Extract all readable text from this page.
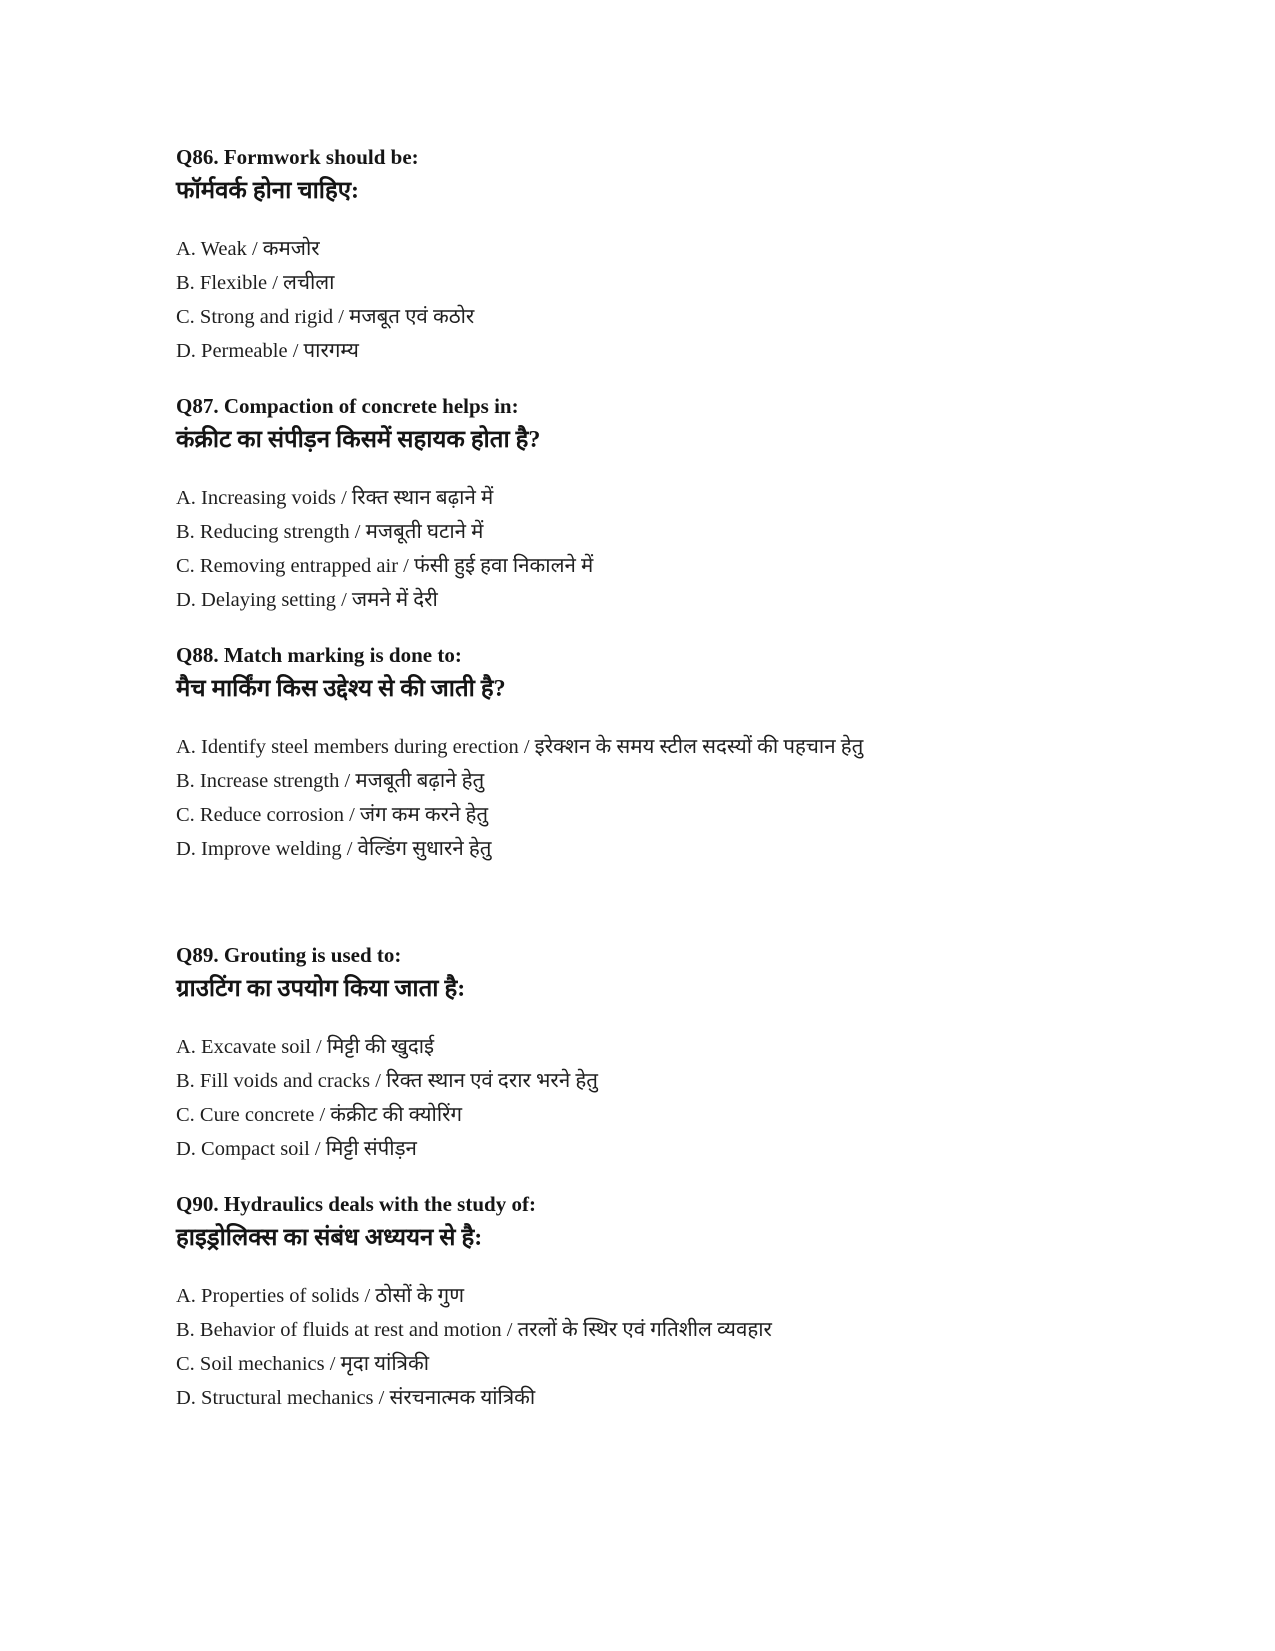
Q86. Formwork should be:
फॉर्मवर्क होना चाहिए:

A. Weak / कमजोर

B. Flexible / लचीला

C. Strong and rigid / मजबूत एवं कठोर

D. Permeable / पारगम्य

Q87. Compaction of concrete helps in:
कंक्रीट का संपीड़न किसमें सहायक होता है?

A. Increasing voids / रिक्त स्थान बढ़ाने में

B. Reducing strength / मजबूती घटाने में

C. Removing entrapped air / फंसी हुई हवा निकालने में

D. Delaying setting / जमने में देरी

Q88. Match marking is done to:
मैच मार्किंग किस उद्देश्य से की जाती है?

A. Identify steel members during erection / इरेक्शन के समय स्टील सदस्यों की पहचान हेतु

B. Increase strength / मजबूती बढ़ाने हेतु

C. Reduce corrosion / जंग कम करने हेतु

D. Improve welding / वेल्डिंग सुधारने हेतु

Q89. Grouting is used to:
ग्राउटिंग का उपयोग किया जाता है:

A. Excavate soil / मिट्टी की खुदाई

B. Fill voids and cracks / रिक्त स्थान एवं दरार भरने हेतु

C. Cure concrete / कंक्रीट की क्योरिंग

D. Compact soil / मिट्टी संपीड़न

Q90. Hydraulics deals with the study of:
हाइड्रोलिक्स का संबंध अध्ययन से है:

A. Properties of solids / ठोसों के गुण

B. Behavior of fluids at rest and motion / तरलों के स्थिर एवं गतिशील व्यवहार

C. Soil mechanics / मृदा यांत्रिकी

D. Structural mechanics / संरचनात्मक यांत्रिकी
